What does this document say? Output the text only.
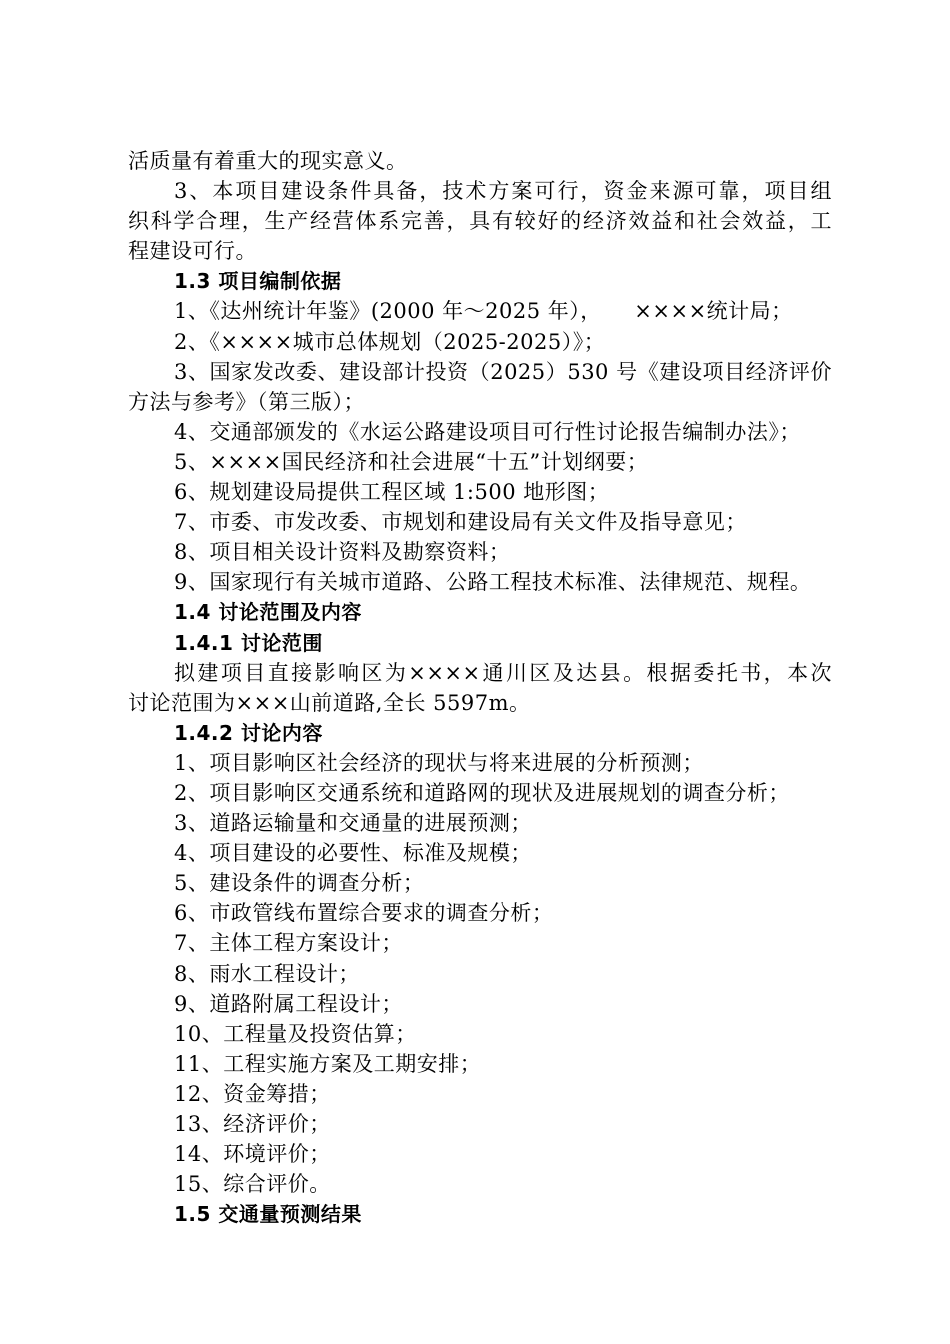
活质量有着重大的现实意义。
3、本项目建设条件具备，技术方案可行，资金来源可靠，项目组
织科学合理，生产经营体系完善，具有较好的经济效益和社会效益，工
程建设可行。
1.3 项目编制依据
1、《达州统计年鉴》(2000 年～2025 年），　　××××统计局；
2、《××××城市总体规划（2025-2025）》；
3、国家发改委、建设部计投资（2025）530 号《建设项目经济评价
方法与参考》（第三版）；
4、交通部颁发的《水运公路建设项目可行性讨论报告编制办法》；
5、××××国民经济和社会进展“十五”计划纲要；
6、规划建设局提供工程区域 1:500 地形图；
7、市委、市发改委、市规划和建设局有关文件及指导意见；
8、项目相关设计资料及勘察资料；
9、国家现行有关城市道路、公路工程技术标准、法律规范、规程。
1.4 讨论范围及内容
1.4.1 讨论范围
拟建项目直接影响区为××××通川区及达县。根据委托书，本次
讨论范围为×××山前道路,全长 5597m。
1.4.2 讨论内容
1、项目影响区社会经济的现状与将来进展的分析预测；
2、项目影响区交通系统和道路网的现状及进展规划的调查分析；
3、道路运输量和交通量的进展预测；
4、项目建设的必要性、标准及规模；
5、建设条件的调查分析；
6、市政管线布置综合要求的调查分析；
7、主体工程方案设计；
8、雨水工程设计；
9、道路附属工程设计；
10、工程量及投资估算；
11、工程实施方案及工期安排；
12、资金筹措；
13、经济评价；
14、环境评价；
15、综合评价。
1.5 交通量预测结果
